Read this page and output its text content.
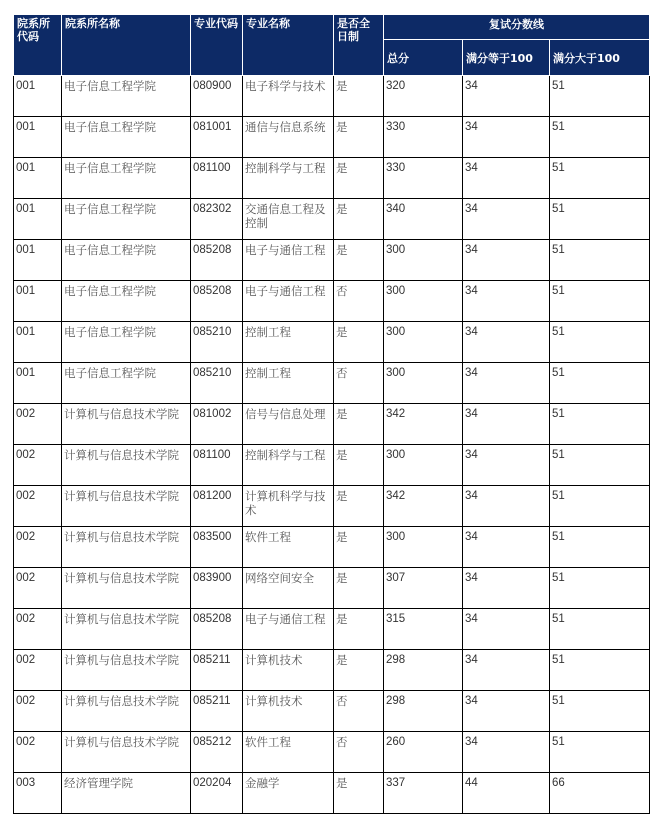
院系所代码	院系所名称	专业代码	专业名称	是否全日制	复试分数线		
					总分	满分等于100	满分大于100
001	电子信息工程学院	080900	电子科学与技术	是	320	34	51
001	电子信息工程学院	081001	通信与信息系统	是	330	34	51
001	电子信息工程学院	081100	控制科学与工程	是	330	34	51
001	电子信息工程学院	082302	交通信息工程及控制	是	340	34	51
001	电子信息工程学院	085208	电子与通信工程	是	300	34	51
001	电子信息工程学院	085208	电子与通信工程	否	300	34	51
001	电子信息工程学院	085210	控制工程	是	300	34	51
001	电子信息工程学院	085210	控制工程	否	300	34	51
002	计算机与信息技术学院	081002	信号与信息处理	是	342	34	51
002	计算机与信息技术学院	081100	控制科学与工程	是	300	34	51
002	计算机与信息技术学院	081200	计算机科学与技术	是	342	34	51
002	计算机与信息技术学院	083500	软件工程	是	300	34	51
002	计算机与信息技术学院	083900	网络空间安全	是	307	34	51
002	计算机与信息技术学院	085208	电子与通信工程	是	315	34	51
002	计算机与信息技术学院	085211	计算机技术	是	298	34	51
002	计算机与信息技术学院	085211	计算机技术	否	298	34	51
002	计算机与信息技术学院	085212	软件工程	否	260	34	51
003	经济管理学院	020204	金融学	是	337	44	66
